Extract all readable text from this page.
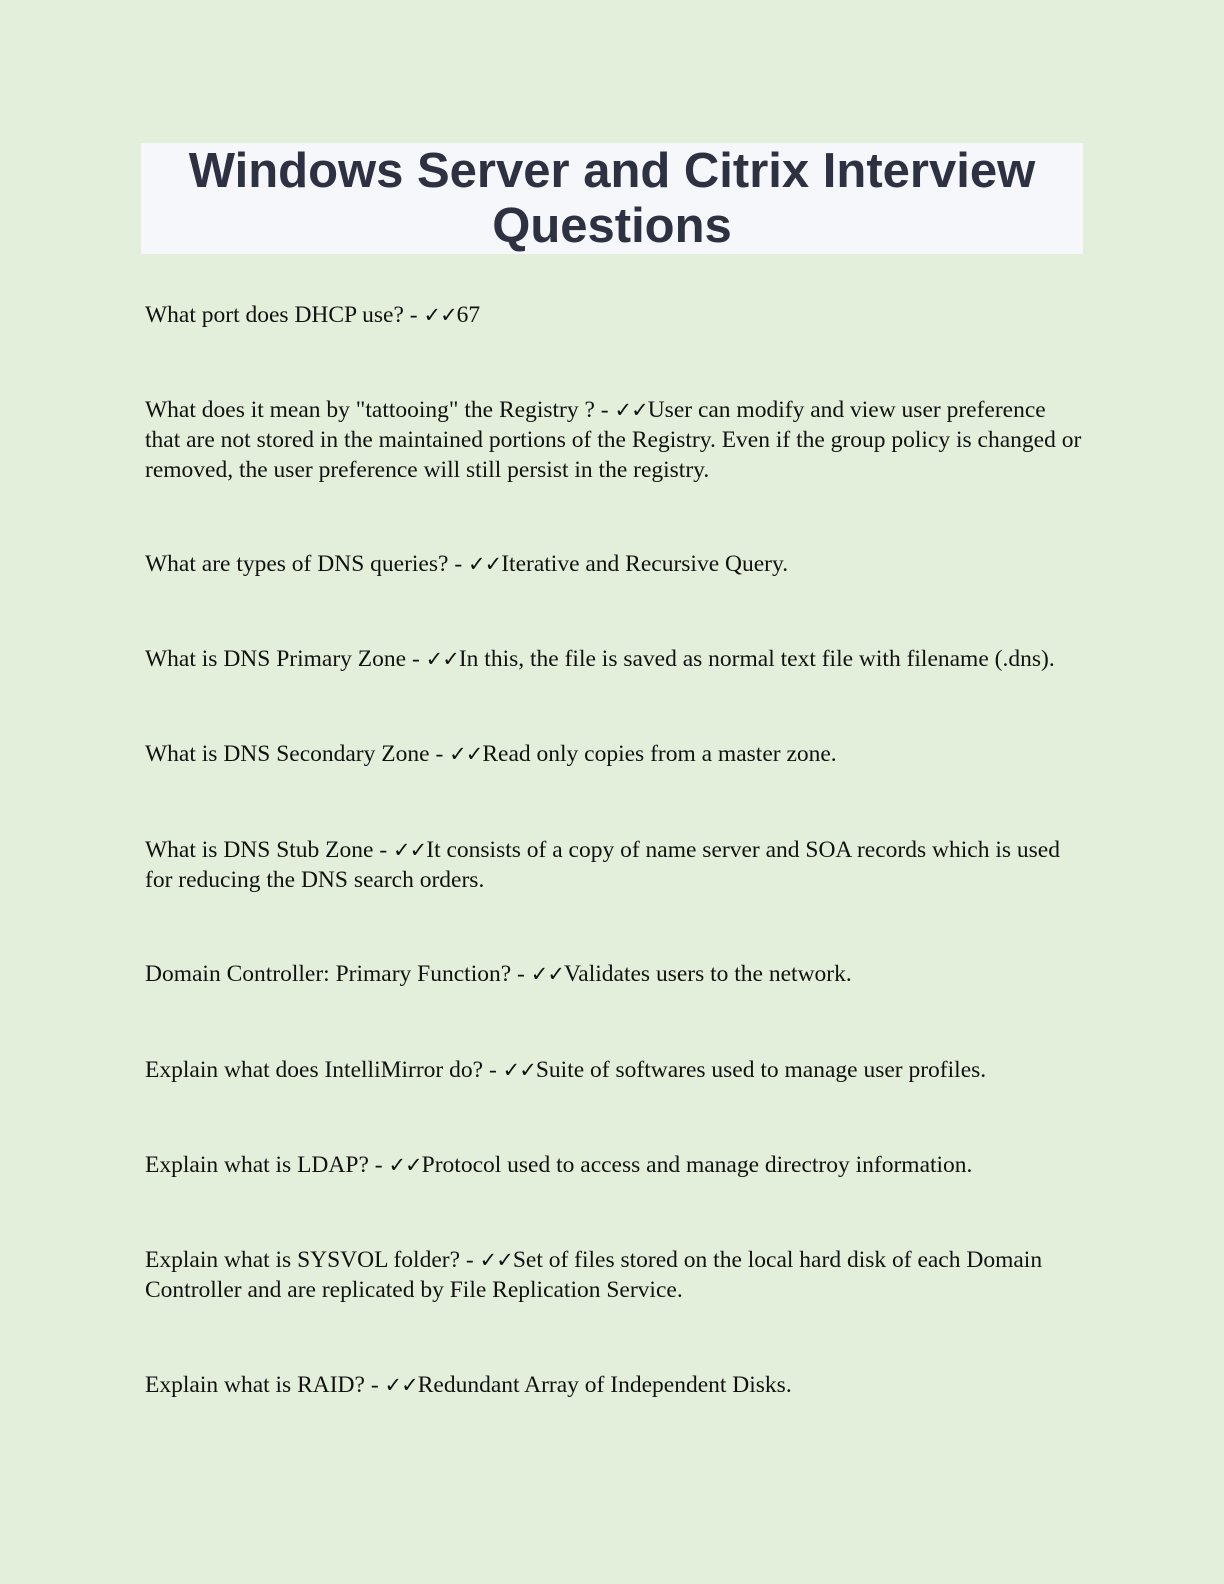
Windows Server and Citrix Interview Questions

What port does DHCP use? - ✓✓67

What does it mean by "tattooing" the Registry ? - ✓✓User can modify and view user preference that are not stored in the maintained portions of the Registry. Even if the group policy is changed or removed, the user preference will still persist in the registry.

What are types of DNS queries? - ✓✓Iterative and Recursive Query.

What is DNS Primary Zone - ✓✓In this, the file is saved as normal text file with filename (.dns).

What is DNS Secondary Zone - ✓✓Read only copies from a master zone.

What is DNS Stub Zone - ✓✓It consists of a copy of name server and SOA records which is used for reducing the DNS search orders.

Domain Controller: Primary Function? - ✓✓Validates users to the network.

Explain what does IntelliMirror do? - ✓✓Suite of softwares used to manage user profiles.

Explain what is LDAP? - ✓✓Protocol used to access and manage directroy information.

Explain what is SYSVOL folder? - ✓✓Set of files stored on the local hard disk of each Domain Controller and are replicated by File Replication Service.

Explain what is RAID? - ✓✓Redundant Array of Independent Disks.
